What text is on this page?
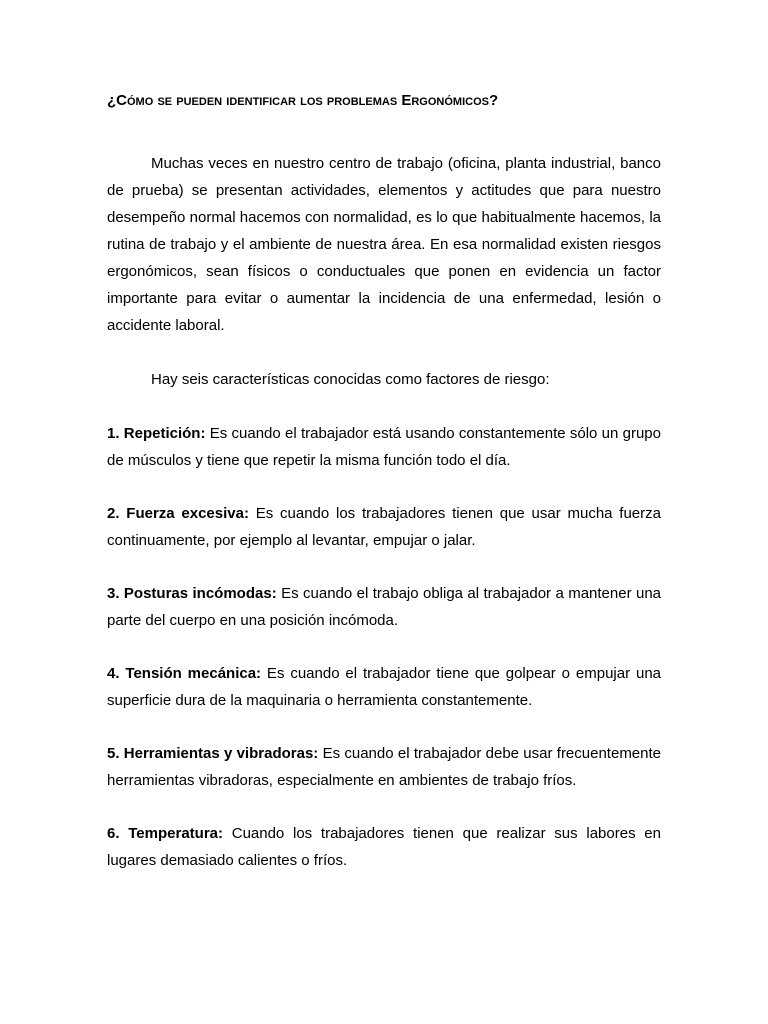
¿Cómo se pueden identificar los problemas Ergonómicos?

Muchas veces en nuestro centro de trabajo (oficina, planta industrial, banco de prueba) se presentan actividades, elementos y actitudes que para nuestro desempeño normal hacemos con normalidad, es lo que habitualmente hacemos, la rutina de trabajo y el ambiente de nuestra área. En esa normalidad existen riesgos ergonómicos, sean físicos o conductuales que ponen en evidencia un factor importante para evitar o aumentar la incidencia de una enfermedad, lesión o accidente laboral.

Hay seis características conocidas como factores de riesgo:

1. Repetición: Es cuando el trabajador está usando constantemente sólo un grupo de músculos y tiene que repetir la misma función todo el día.

2. Fuerza excesiva: Es cuando los trabajadores tienen que usar mucha fuerza continuamente, por ejemplo al levantar, empujar o jalar.

3. Posturas incómodas: Es cuando el trabajo obliga al trabajador a mantener una parte del cuerpo en una posición incómoda.

4. Tensión mecánica: Es cuando el trabajador tiene que golpear o empujar una superficie dura de la maquinaria o herramienta constantemente.

5. Herramientas y vibradoras: Es cuando el trabajador debe usar frecuentemente herramientas vibradoras, especialmente en ambientes de trabajo fríos.

6. Temperatura: Cuando los trabajadores tienen que realizar sus labores en lugares demasiado calientes o fríos.
